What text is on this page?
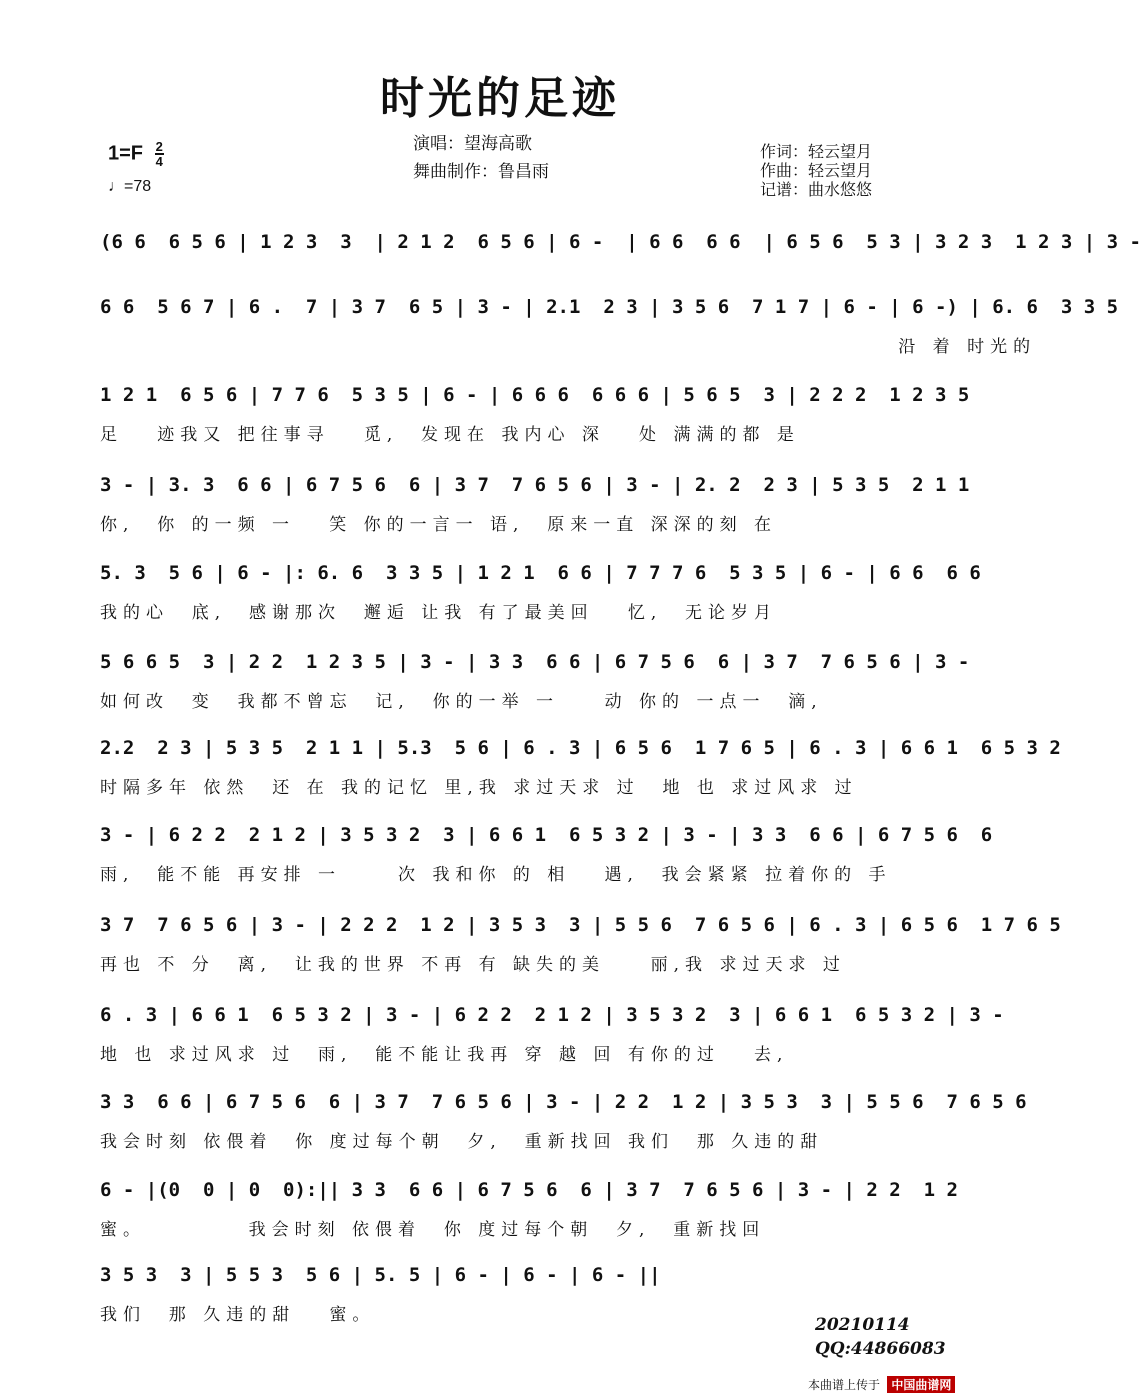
时光的足迹
演唱：望海高歌
舞曲制作：鲁昌雨
$1=F \frac{2}{4}$
♩=78
作词：轻云望月
作曲：轻云望月
记谱：曲水悠悠
(6 6  6 5 6 | 1 2 3  3  | 2 1 2  6 5 6 | 6 -  | 6 6  6 6  | 6 5 6  5 3 | 3 2 3  1 2 3 | 3 -
6 6  5 6 7 | 6 .  7 | 3 7  6 5 | 3 - | 2.1  2 3 | 3 5 6  7 1 7 | 6 - | 6 -) | 6. 6  3 3 5
沿 着 时光的
1 2 1  6 5 6 | 7 7 6  5 3 5 | 6 - | 6 6 6  6 6 6 | 5 6 5  3 | 2 2 2  1 2 3 5
足   迹我又 把往事寻   觅,  发现在 我内心 深   处 满满的都 是
3 - | 3. 3  6 6 | 6 7 5 6  6 | 3 7  7 6 5 6 | 3 - | 2. 2  2 3 | 5 3 5  2 1 1
你,  你 的一频 一   笑 你的一言一 语,  原来一直 深深的刻 在
5. 3  5 6 | 6 - |: 6. 6  3 3 5 | 1 2 1  6 6 | 7 7 7 6  5 3 5 | 6 - | 6 6  6 6
我的心  底,  感谢那次  邂逅 让我 有了最美回   忆,  无论岁月
5 6 6 5  3 | 2 2  1 2 3 5 | 3 - | 3 3  6 6 | 6 7 5 6  6 | 3 7  7 6 5 6 | 3 -
如何改  变  我都不曾忘  记,  你的一举 一    动 你的 一点一  滴,
2.2  2 3 | 5 3 5  2 1 1 | 5.3  5 6 | 6 . 3 | 6 5 6  1 7 6 5 | 6 . 3 | 6 6 1  6 5 3 2
时隔多年 依然  还 在 我的记忆 里,我 求过天求 过  地 也 求过风求 过
3 - | 6 2 2  2 1 2 | 3 5 3 2  3 | 6 6 1  6 5 3 2 | 3 - | 3 3  6 6 | 6 7 5 6  6
雨,  能不能 再安排 一     次 我和你 的 相   遇,  我会紧紧 拉着你的 手
3 7  7 6 5 6 | 3 - | 2 2 2  1 2 | 3 5 3  3 | 5 5 6  7 6 5 6 | 6 . 3 | 6 5 6  1 7 6 5
再也 不 分  离,  让我的世界 不再 有 缺失的美    丽,我 求过天求 过
6 . 3 | 6 6 1  6 5 3 2 | 3 - | 6 2 2  2 1 2 | 3 5 3 2  3 | 6 6 1  6 5 3 2 | 3 -
地 也 求过风求 过  雨,  能不能让我再 穿 越 回 有你的过   去,
3 3  6 6 | 6 7 5 6  6 | 3 7  7 6 5 6 | 3 - | 2 2  1 2 | 3 5 3  3 | 5 5 6  7 6 5 6
我会时刻 依偎着  你 度过每个朝  夕,  重新找回 我们  那 久违的甜
6 - |(0  0 | 0  0):|| 3 3  6 6 | 6 7 5 6  6 | 3 7  7 6 5 6 | 3 - | 2 2  1 2
蜜。         我会时刻 依偎着  你 度过每个朝  夕,  重新找回
3 5 3  3 | 5 5 3  5 6 | 5. 5 | 6 - | 6 - | 6 - ||
我们  那 久违的甜   蜜。	20210114
QQ:44866083
本曲谱上传于 中国曲谱网
